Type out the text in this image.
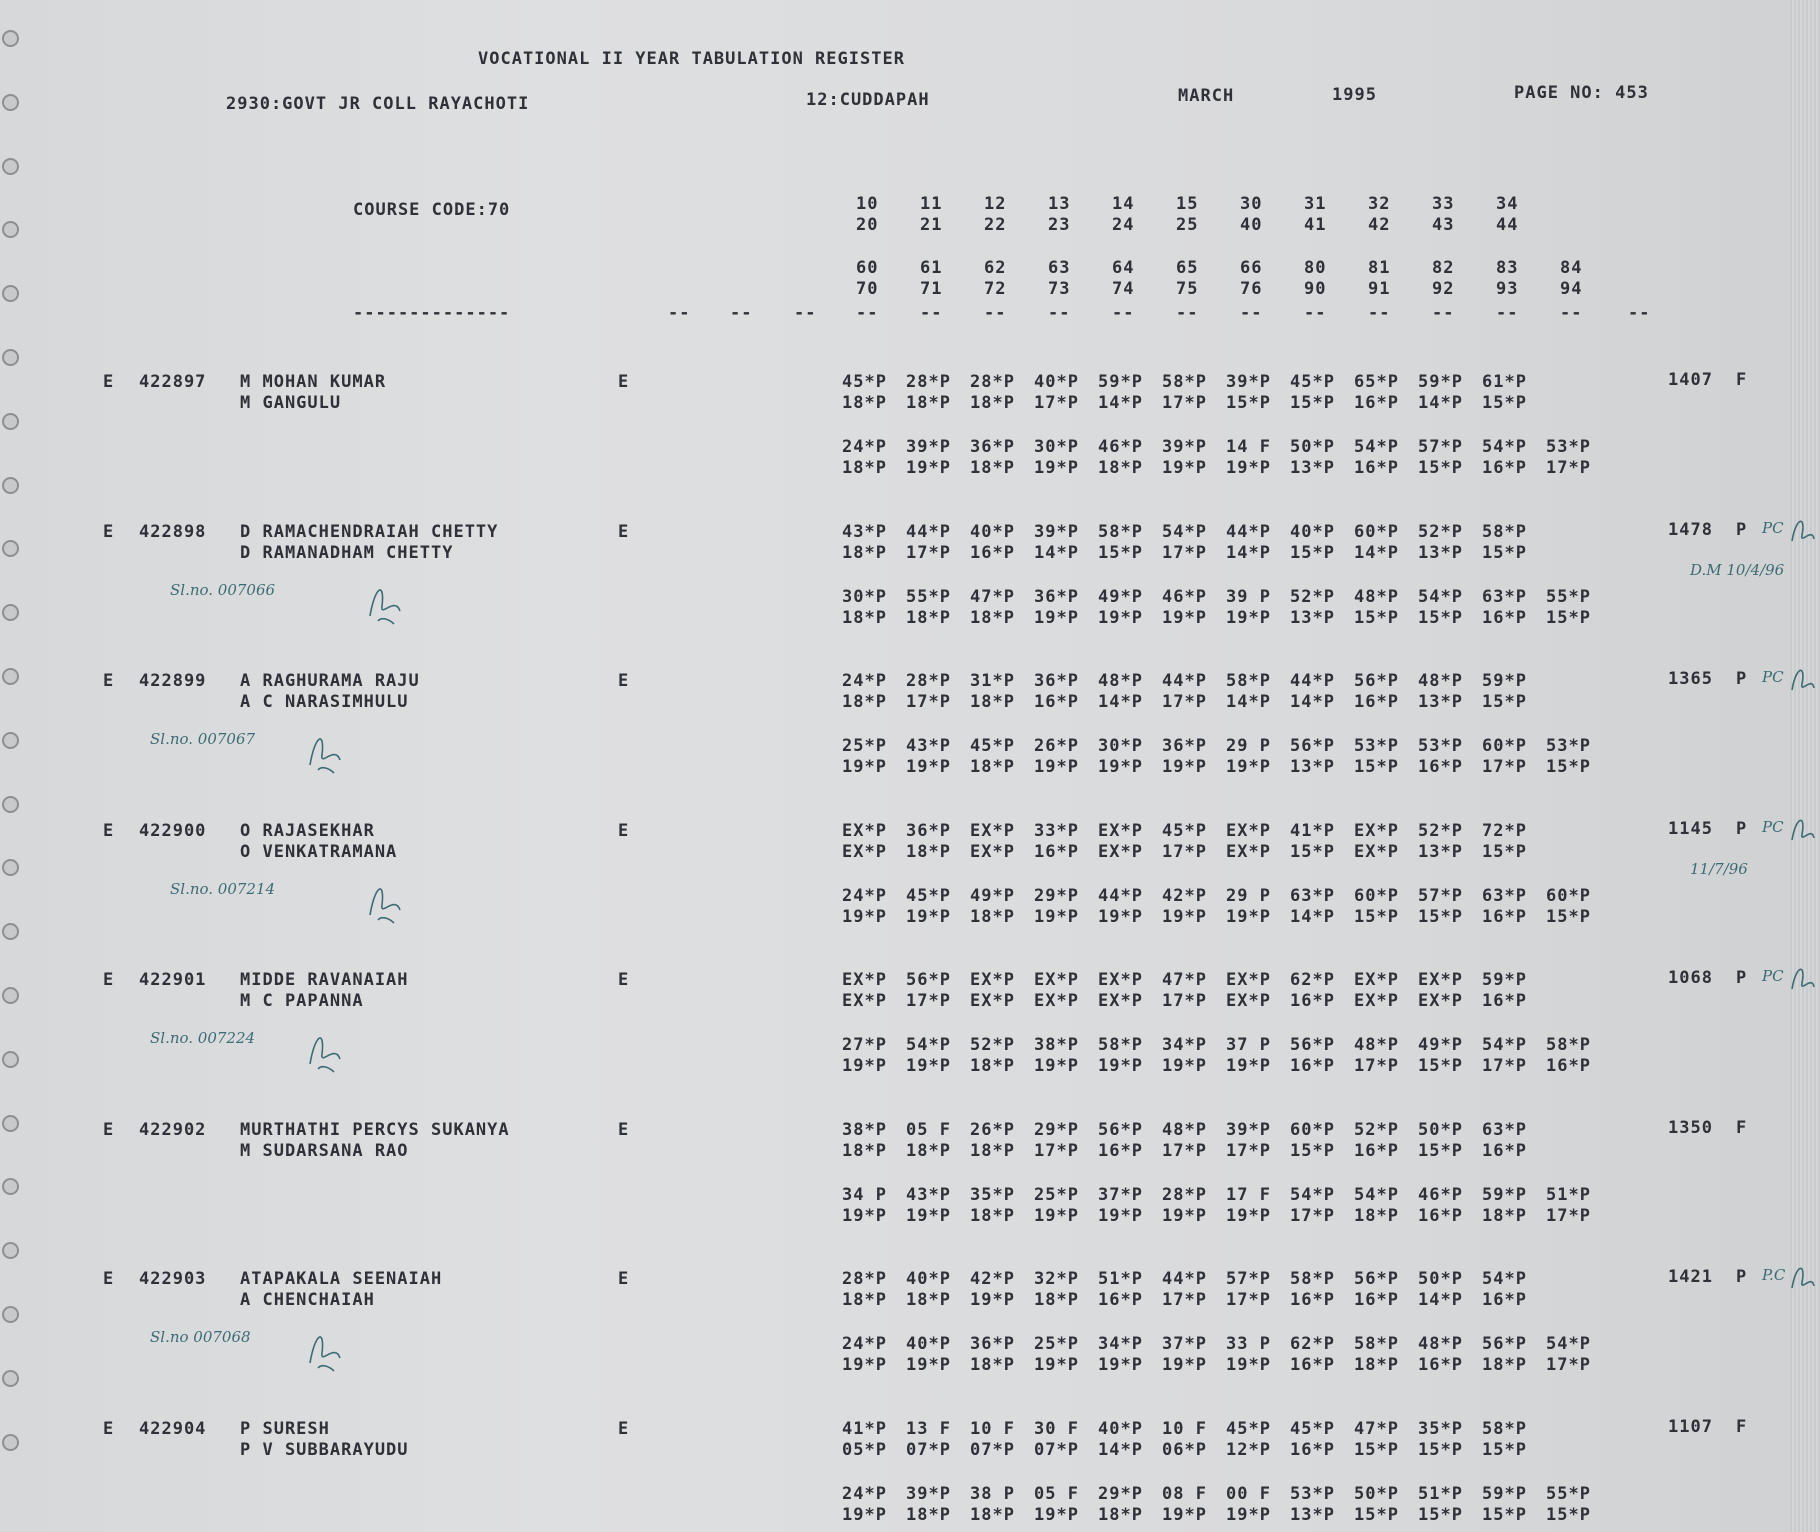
VOCATIONAL II YEAR TABULATION REGISTER
2930:GOVT JR COLL RAYACHOTI	12:CUDDAPAH	MARCH	1995	PAGE NO: 453
COURSE CODE:70
--------------	-- -- --
10 11 12 13 14 15 30 31 32 33 34
20 21 22 23 24 25 40 41 42 43 44
60 61 62 63 64 65 66 80 81 82 83 84
70 71 72 73 74 75 76 90 91 92 93 94
-- -- -- -- -- -- -- -- -- -- -- --	--
E 422897 M MOHAN KUMAR
M GANGULU
E	45*P 28*P 28*P 40*P 59*P 58*P 39*P 45*P 65*P 59*P 61*P
18*P 18*P 18*P 17*P 14*P 17*P 15*P 15*P 16*P 14*P 15*P
24*P 39*P 36*P 30*P 46*P 39*P 14 F 50*P 54*P 57*P 54*P 53*P
18*P 19*P 18*P 19*P 18*P 19*P 19*P 13*P 16*P 15*P 16*P 17*P
1407 F
E 422898 D RAMACHENDRAIAH CHETTY
D RAMANADHAM CHETTY
E	43*P 44*P 40*P 39*P 58*P 54*P 44*P 40*P 60*P 52*P 58*P
18*P 17*P 16*P 14*P 15*P 17*P 14*P 15*P 14*P 13*P 15*P
30*P 55*P 47*P 36*P 49*P 46*P 39 P 52*P 48*P 54*P 63*P 55*P
18*P 18*P 18*P 19*P 19*P 19*P 19*P 13*P 15*P 15*P 16*P 15*P
1478 P
Sl.no. 007066
PC
D.M 10/4/96
E 422899 A RAGHURAMA RAJU
A C NARASIMHULU
E	24*P 28*P 31*P 36*P 48*P 44*P 58*P 44*P 56*P 48*P 59*P
18*P 17*P 18*P 16*P 14*P 17*P 14*P 14*P 16*P 13*P 15*P
25*P 43*P 45*P 26*P 30*P 36*P 29 P 56*P 53*P 53*P 60*P 53*P
19*P 19*P 18*P 19*P 19*P 19*P 19*P 13*P 15*P 16*P 17*P 15*P
1365 P
Sl.no. 007067
PC
E 422900 O RAJASEKHAR
O VENKATRAMANA
E	EX*P 36*P EX*P 33*P EX*P 45*P EX*P 41*P EX*P 52*P 72*P
EX*P 18*P EX*P 16*P EX*P 17*P EX*P 15*P EX*P 13*P 15*P
24*P 45*P 49*P 29*P 44*P 42*P 29 P 63*P 60*P 57*P 63*P 60*P
19*P 19*P 18*P 19*P 19*P 19*P 19*P 14*P 15*P 15*P 16*P 15*P
1145 P
Sl.no. 007214
PC
11/7/96
E 422901 MIDDE RAVANAIAH
M C PAPANNA
E	EX*P 56*P EX*P EX*P EX*P 47*P EX*P 62*P EX*P EX*P 59*P
EX*P 17*P EX*P EX*P EX*P 17*P EX*P 16*P EX*P EX*P 16*P
27*P 54*P 52*P 38*P 58*P 34*P 37 P 56*P 48*P 49*P 54*P 58*P
19*P 19*P 18*P 19*P 19*P 19*P 19*P 16*P 17*P 15*P 17*P 16*P
1068 P
Sl.no. 007224
PC
E 422902 MURTHATHI PERCYS SUKANYA
M SUDARSANA RAO
E	38*P 05 F 26*P 29*P 56*P 48*P 39*P 60*P 52*P 50*P 63*P
18*P 18*P 18*P 17*P 16*P 17*P 17*P 15*P 16*P 15*P 16*P
34 P 43*P 35*P 25*P 37*P 28*P 17 F 54*P 54*P 46*P 59*P 51*P
19*P 19*P 18*P 19*P 19*P 19*P 19*P 17*P 18*P 16*P 18*P 17*P
1350 F
E 422903 ATAPAKALA SEENAIAH
A CHENCHAIAH
E	28*P 40*P 42*P 32*P 51*P 44*P 57*P 58*P 56*P 50*P 54*P
18*P 18*P 19*P 18*P 16*P 17*P 17*P 16*P 16*P 14*P 16*P
24*P 40*P 36*P 25*P 34*P 37*P 33 P 62*P 58*P 48*P 56*P 54*P
19*P 19*P 18*P 19*P 19*P 19*P 19*P 16*P 18*P 16*P 18*P 17*P
1421 P
Sl.no 007068
P.C
E 422904 P SURESH
P V SUBBARAYUDU
E	41*P 13 F 10 F 30 F 40*P 10 F 45*P 45*P 47*P 35*P 58*P
05*P 07*P 07*P 07*P 14*P 06*P 12*P 16*P 15*P 15*P 15*P
24*P 39*P 38 P 05 F 29*P 08 F 00 F 53*P 50*P 51*P 59*P 55*P
19*P 18*P 18*P 19*P 18*P 19*P 19*P 13*P 15*P 15*P 15*P 15*P
1107 F
